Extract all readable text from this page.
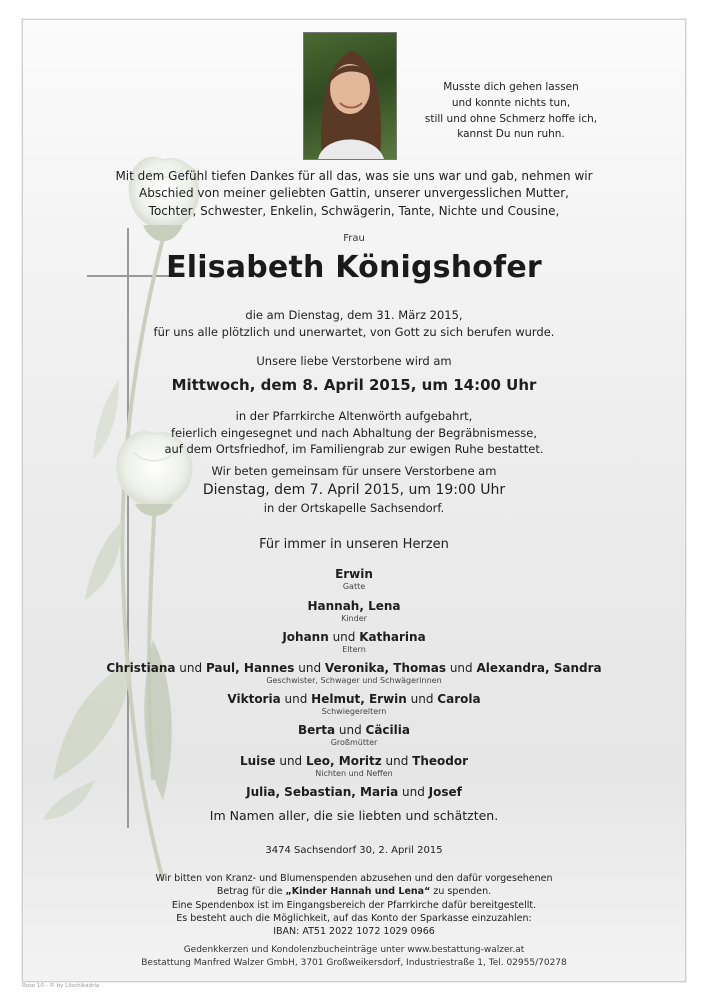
Musste dich gehen lassen
und konnte nichts tun,
still und ohne Schmerz hoffe ich,
kannst Du nun ruhn.
Mit dem Gefühl tiefen Dankes für all das, was sie uns war und gab, nehmen wir
Abschied von meiner geliebten Gattin, unserer unvergesslichen Mutter,
Tochter, Schwester, Enkelin, Schwägerin, Tante, Nichte und Cousine,
Frau
Elisabeth Königshofer
die am Dienstag, dem 31. März 2015,
für uns alle plötzlich und unerwartet, von Gott zu sich berufen wurde.
Unsere liebe Verstorbene wird am
Mittwoch, dem 8. April 2015, um 14:00 Uhr
in der Pfarrkirche Altenwörth aufgebahrt,
feierlich eingesegnet und nach Abhaltung der Begräbnismesse,
auf dem Ortsfriedhof, im Familiengrab zur ewigen Ruhe bestattet.
Wir beten gemeinsam für unsere Verstorbene am
Dienstag, dem 7. April 2015, um 19:00 Uhr
in der Ortskapelle Sachsendorf.
Für immer in unseren Herzen
Erwin
Gatte
Hannah, Lena
Kinder
Johann und Katharina
Eltern
Christiana und Paul, Hannes und Veronika, Thomas und Alexandra, Sandra
Geschwister, Schwager und Schwägerinnen
Viktoria und Helmut, Erwin und Carola
Schwiegereltern
Berta und Cäcilia
Großmütter
Luise und Leo, Moritz und Theodor
Nichten und Neffen
Julia, Sebastian, Maria und Josef
Im Namen aller, die sie liebten und schätzten.
3474 Sachsendorf 30, 2. April 2015
Wir bitten von Kranz- und Blumenspenden abzusehen und den dafür vorgesehenen
Betrag für die „Kinder Hannah und Lena“ zu spenden.
Eine Spendenbox ist im Eingangsbereich der Pfarrkirche dafür bereitgestellt.
Es besteht auch die Möglichkeit, auf das Konto der Sparkasse einzuzahlen:
IBAN: AT51 2022 1072 1029 0966
Gedenkkerzen und Kondolenzbucheinträge unter www.bestattung-walzer.at
Bestattung Manfred Walzer GmbH, 3701 Großweikersdorf, Industriestraße 1, Tel. 02955/70278
Rose 10 - © by Lilschikadria
